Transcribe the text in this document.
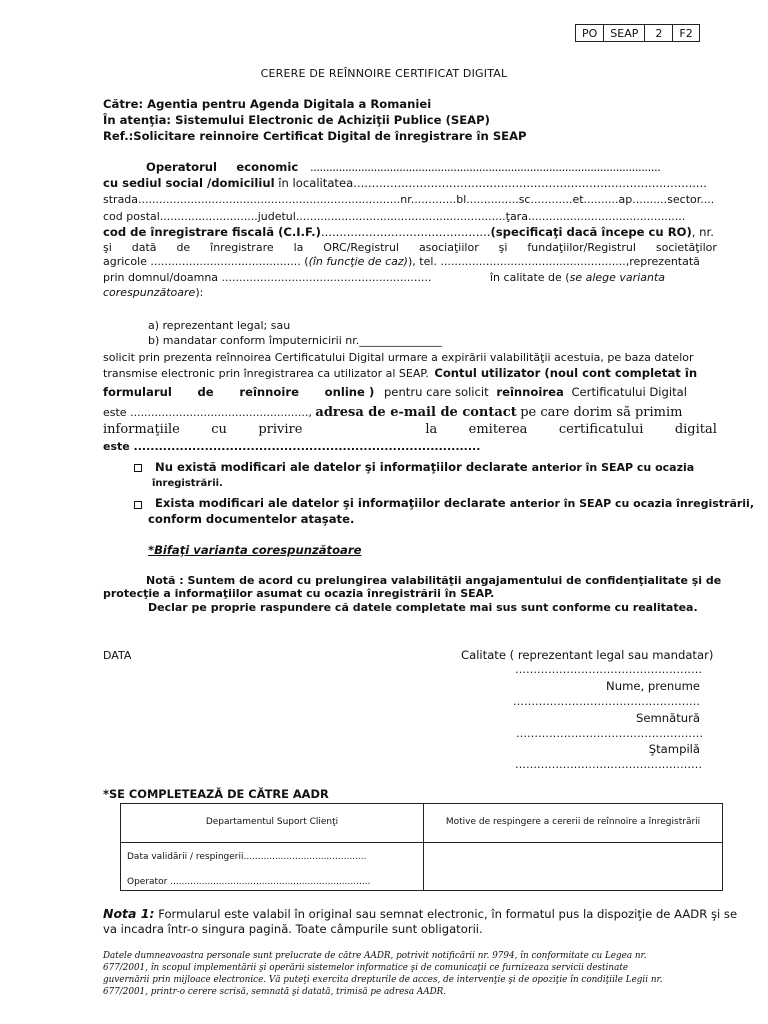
PO	SEAP	2	F2
CERERE DE REÎNNOIRE CERTIFICAT DIGITAL
Către: Agentia pentru Agenda Digitala a Romaniei
În atenţia: Sistemului Electronic de Achiziţii Publice (SEAP)
Ref.:Solicitare reinnoire Certificat Digital de înregistrare în SEAP
Operatorul economic ..............................................................................................................
cu sediul social /domiciliul în localitatea................................................................................................
strada...........................................................................nr.............bl...............sc............et..........ap..........sector....
cod postal............................judetul............................................................ţara.............................................
cod de înregistrare fiscală (C.I.F.)..............................................(specificaţi dacă începe cu RO), nr.
şi dată de înregistrare la ORC/Registrul asociaţiilor şi fundaţiilor/Registrul societăţilor
agricole ........................................... ((în funcţie de caz)), tel. .....................................................,reprezentată
prin domnul/doamna ............................................................	în calitate de (se alege varianta
corespunzătoare):
a) reprezentant legal; sau
b) mandatar conform împuternicirii nr._______________
solicit prin prezenta reînnoirea Certificatului Digital urmare a expirării valabilităţii acestuia, pe baza datelor
transmise electronic prin înregistrarea ca utilizator al SEAP. Contul utilizator (noul cont completat în
formularul de reînnoire online ) pentru care solicit reînnoirea Certificatului Digital
este ..................................................., adresa de e-mail de contact pe care dorim să primim
informaţiile cu privire	la emiterea certificatului digital
este ...................................................................................
Nu există modificari ale datelor şi informaţiilor declarate anterior în SEAP cu ocazia
înregistrării.
Exista modificari ale datelor şi informaţiilor declarate anterior în SEAP cu ocazia înregistrării,
conform documentelor ataşate.
*Bifaţi varianta corespunzătoare
Notă : Suntem de acord cu prelungirea valabilităţii angajamentului de confidenţialitate şi de
protecţie a informaţiilor asumat cu ocazia înregistrării în SEAP.
Declar pe proprie raspundere că datele completate mai sus sunt conforme cu realitatea.
DATA	Calitate ( reprezentant legal sau mandatar)
……………………………………………
Nume, prenume
……………………………………………
Semnătură
……………………………………………
Ştampilă
……………………………………………
*SE COMPLETEAZĂ DE CĂTRE AADR
Departamentul Suport Clienţi	Motive de respingere a cererii de reînnoire a înregistrării
Data validării / respingerii...........................................
Operator ......................................................................
Nota 1: Formularul este valabil în original sau semnat electronic, în formatul pus la dispoziţie de AADR şi se
va incadra într-o singura pagină. Toate câmpurile sunt obligatorii.
Datele dumneavoastra personale sunt prelucrate de către AADR, potrivit notificării nr. 9794, în conformitate cu Legea nr.
677/2001, în scopul implementării şi operării sistemelor informatice şi de comunicaţii ce furnizeaza servicii destinate
guvernării prin mijloace electronice. Vă puteţi exercita drepturile de acces, de intervenţie şi de opoziţie în condiţiile Legii nr.
677/2001, printr-o cerere scrisă, semnată şi datată, trimisă pe adresa AADR.
